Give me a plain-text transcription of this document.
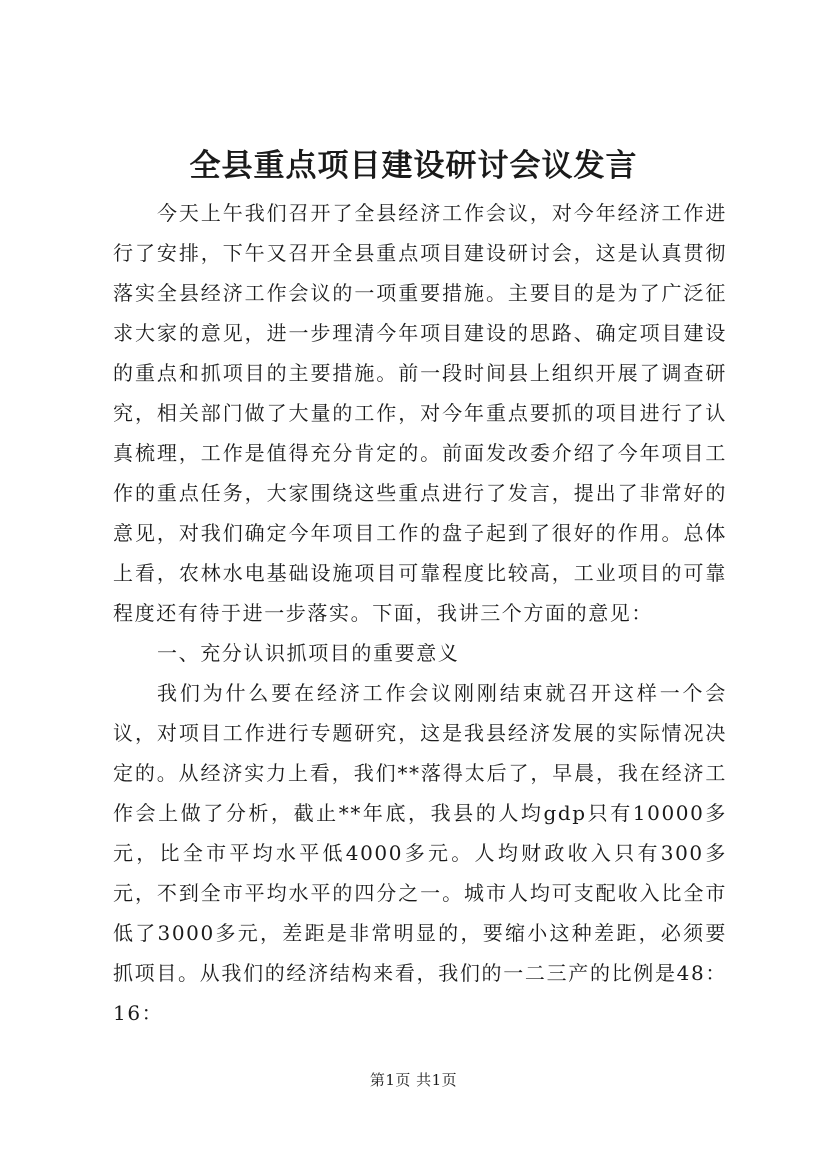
全县重点项目建设研讨会议发言

今天上午我们召开了全县经济工作会议，对今年经济工作进行了安排，下午又召开全县重点项目建设研讨会，这是认真贯彻落实全县经济工作会议的一项重要措施。主要目的是为了广泛征求大家的意见，进一步理清今年项目建设的思路、确定项目建设的重点和抓项目的主要措施。前一段时间县上组织开展了调查研究，相关部门做了大量的工作，对今年重点要抓的项目进行了认真梳理，工作是值得充分肯定的。前面发改委介绍了今年项目工作的重点任务，大家围绕这些重点进行了发言，提出了非常好的意见，对我们确定今年项目工作的盘子起到了很好的作用。总体上看，农林水电基础设施项目可靠程度比较高，工业项目的可靠程度还有待于进一步落实。下面，我讲三个方面的意见：

一、充分认识抓项目的重要意义

我们为什么要在经济工作会议刚刚结束就召开这样一个会议，对项目工作进行专题研究，这是我县经济发展的实际情况决定的。从经济实力上看，我们**落得太后了，早晨，我在经济工作会上做了分析，截止**年底，我县的人均gdp只有10000多元，比全市平均水平低4000多元。人均财政收入只有300多元，不到全市平均水平的四分之一。城市人均可支配收入比全市低了3000多元，差距是非常明显的，要缩小这种差距，必须要抓项目。从我们的经济结构来看，我们的一二三产的比例是48：16：

第1页 共1页
